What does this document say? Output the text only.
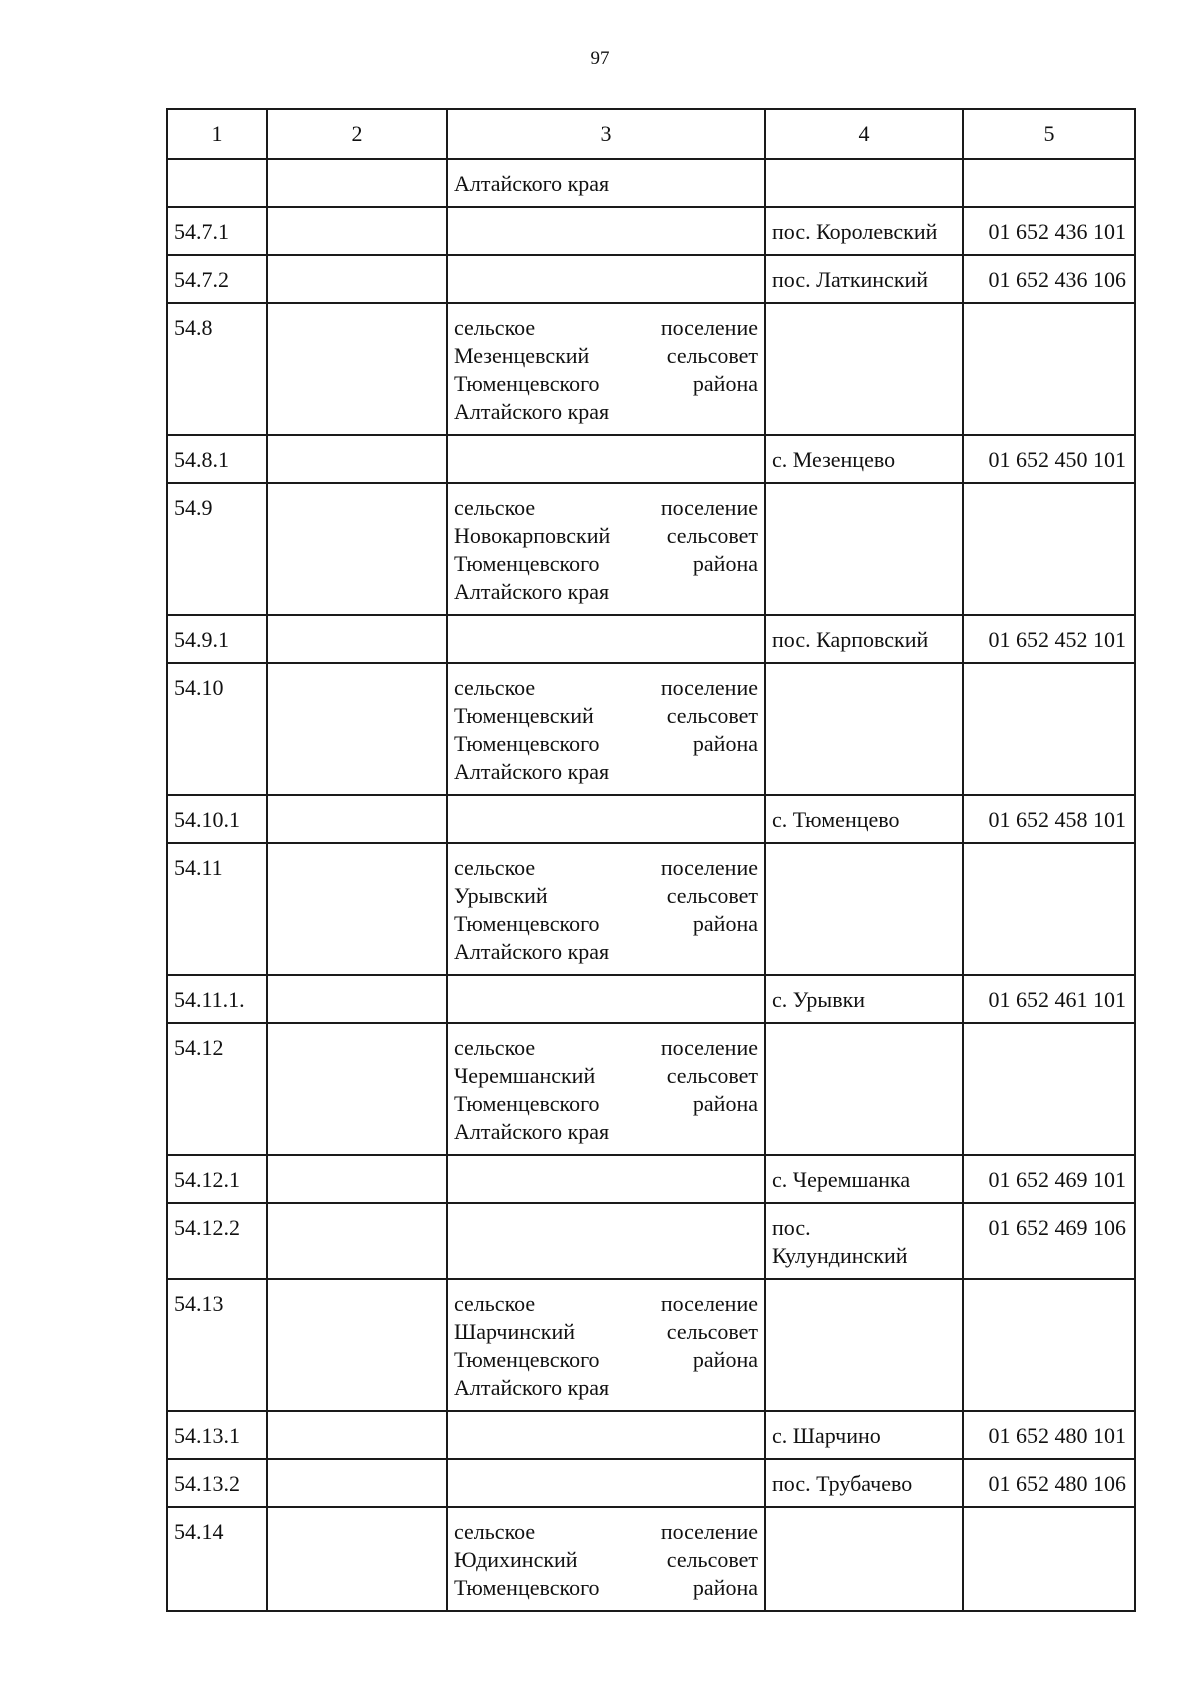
97
1	2	3	4	5

		Алтайского края		

54.7.1			пос. Королевский	01 652 436 101
54.7.2			пос. Латкинский	01 652 436 106
54.8		сельское поселение
Мезенцевский сельсовет
Тюменцевского района
Алтайского края		

54.8.1			с. Мезенцево	01 652 450 101
54.9		сельское поселение
Новокарповский сельсовет
Тюменцевского района
Алтайского края		

54.9.1			пос. Карповский	01 652 452 101
54.10		сельское поселение
Тюменцевский сельсовет
Тюменцевского района
Алтайского края		

54.10.1			с. Тюменцево	01 652 458 101
54.11		сельское поселение
Урывский сельсовет
Тюменцевского района
Алтайского края		

54.11.1.			с. Урывки	01 652 461 101
54.12		сельское поселение
Черемшанский сельсовет
Тюменцевского района
Алтайского края		

54.12.1			с. Черемшанка	01 652 469 101
54.12.2			пос.
Кулундинский	01 652 469 106
54.13		сельское поселение
Шарчинский сельсовет
Тюменцевского района
Алтайского края		

54.13.1			с. Шарчино	01 652 480 101
54.13.2			пос. Трубачево	01 652 480 106
54.14		сельское поселение
Юдихинский сельсовет
Тюменцевского района		
